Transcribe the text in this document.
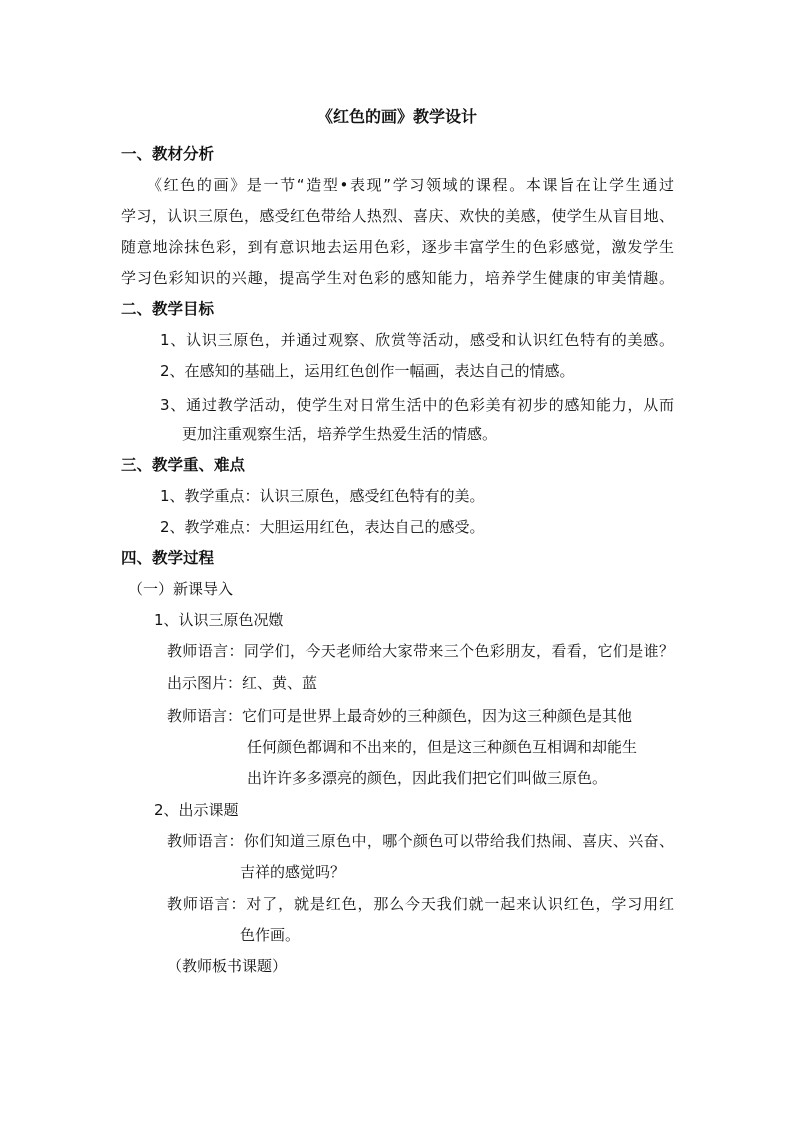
《红色的画》教学设计
一、教材分析
《红色的画》是一节“造型•表现”学习领域的课程。本课旨在让学生通过
学习，认识三原色，感受红色带给人热烈、喜庆、欢快的美感，使学生从盲目地、
随意地涂抹色彩，到有意识地去运用色彩，逐步丰富学生的色彩感觉，激发学生
学习色彩知识的兴趣，提高学生对色彩的感知能力，培养学生健康的审美情趣。
二、教学目标
1、认识三原色，并通过观察、欣赏等活动，感受和认识红色特有的美感。
2、在感知的基础上，运用红色创作一幅画，表达自己的情感。
3、通过教学活动，使学生对日常生活中的色彩美有初步的感知能力，从而
更加注重观察生活，培养学生热爱生活的情感。
三、教学重、难点
1、教学重点：认识三原色，感受红色特有的美。
2、教学难点：大胆运用红色，表达自己的感受。
四、教学过程
（一）新课导入
1、认识三原色况嬍
教师语言：同学们，今天老师给大家带来三个色彩朋友，看看，它们是谁？
出示图片：红、黄、蓝
教师语言：它们可是世界上最奇妙的三种颜色，因为这三种颜色是其他
任何颜色都调和不出来的，但是这三种颜色互相调和却能生
出许许多多漂亮的颜色，因此我们把它们叫做三原色。
2、出示课题
教师语言：你们知道三原色中，哪个颜色可以带给我们热闹、喜庆、兴奋、
吉祥的感觉吗？
教师语言：对了，就是红色，那么今天我们就一起来认识红色，学习用红
色作画。
（教师板书课题）
